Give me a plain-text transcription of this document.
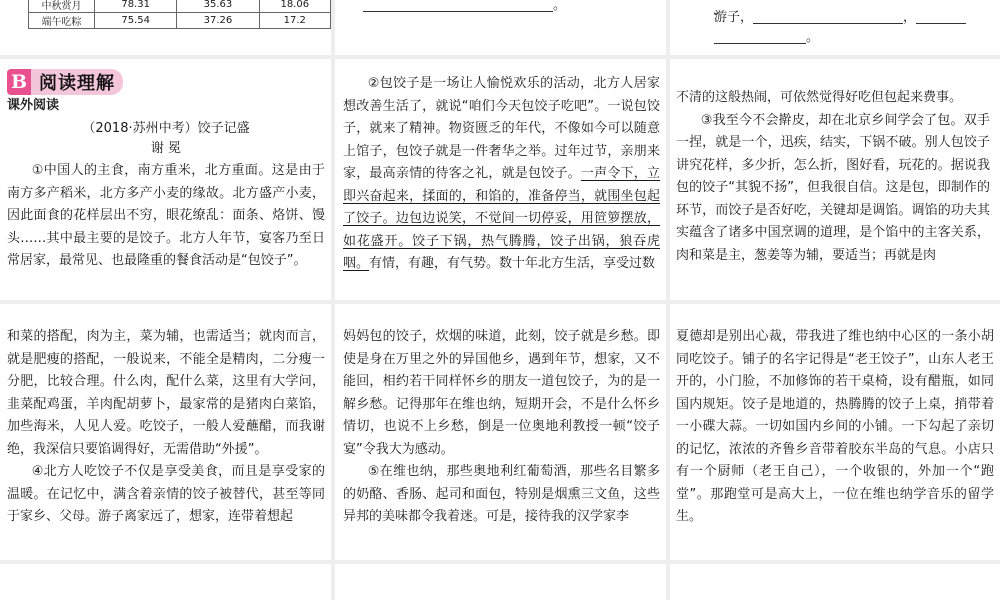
中秋赏月	78.31	35.63	18.06
端午吃粽	75.54	37.26	17.2
。

游子，	，
。
B 阅读理解
课外阅读
（2018·苏州中考）饺子记盛
谢 冕

①中国人的主食，南方重米，北方重面。这是由于南方多产稻米，北方多产小麦的缘故。北方盛产小麦，因此面食的花样层出不穷，眼花缭乱：面条、烙饼、馒头……其中最主要的是饺子。北方人年节，宴客乃至日常居家，最常见、也最隆重的餐食活动是“包饺子”。

②包饺子是一场让人愉悦欢乐的活动，北方人居家想改善生活了，就说“咱们今天包饺子吃吧”。一说包饺子，就来了精神。物资匮乏的年代，不像如今可以随意上馆子，包饺子就是一件奢华之举。过年过节，亲朋来家，最高亲情的待客之礼，就是包饺子。一声令下，立即兴奋起来，揉面的，和馅的，准备停当，就围坐包起了饺子。边包边说笑，不觉间一切停妥，用笸箩摆放，如花盛开。饺子下锅，热气腾腾，饺子出锅，狼吞虎咽。有情，有趣，有气势。数十年北方生活，享受过数

不清的这般热闹，可依然觉得好吃但包起来费事。

③我至今不会擀皮，却在北京乡间学会了包。双手一捏，就是一个，迅疾，结实，下锅不破。别人包饺子讲究花样，多少折，怎么折，图好看，玩花的。据说我包的饺子“其貌不扬”，但我很自信。这是包，即制作的环节，而饺子是否好吃，关键却是调馅。调馅的功夫其实蕴含了诸多中国烹调的道理，是个馅中的主客关系，肉和菜是主，葱姜等为辅，要适当；再就是肉

和菜的搭配，肉为主，菜为辅，也需适当；就肉而言，就是肥瘦的搭配，一般说来，不能全是精肉，二分瘦一分肥，比较合理。什么肉，配什么菜，这里有大学问，韭菜配鸡蛋，羊肉配胡萝卜，最家常的是猪肉白菜馅，加些海米，人见人爱。吃饺子，一般人爱蘸醋，而我谢绝，我深信只要馅调得好，无需借助“外援”。

④北方人吃饺子不仅是享受美食，而且是享受家的温暖。在记忆中，满含着亲情的饺子被替代，甚至等同于家乡、父母。游子离家远了，想家，连带着想起

妈妈包的饺子，炊烟的味道，此刻，饺子就是乡愁。即使是身在万里之外的异国他乡，遇到年节，想家，又不能回，相约若干同样怀乡的朋友一道包饺子，为的是一解乡愁。记得那年在维也纳，短期开会，不是什么怀乡情切，也说不上乡愁，倒是一位奥地利教授一顿“饺子宴”令我大为感动。

⑤在维也纳，那些奥地利红葡萄酒，那些名目繁多的奶酪、香肠、起司和面包，特别是烟熏三文鱼，这些异邦的美味都令我着迷。可是，接待我的汉学家李

夏德却是别出心裁，带我进了维也纳中心区的一条小胡同吃饺子。铺子的名字记得是“老王饺子”，山东人老王开的，小门脸，不加修饰的若干桌椅，设有醋瓶，如同国内规矩。饺子是地道的，热腾腾的饺子上桌，捎带着一小碟大蒜。一切如国内乡间的小铺。一下勾起了亲切的记忆，浓浓的齐鲁乡音带着胶东半岛的气息。小店只有一个厨师（老王自己），一个收银的，外加一个“跑堂”。那跑堂可是高大上，一位在维也纳学音乐的留学生。
